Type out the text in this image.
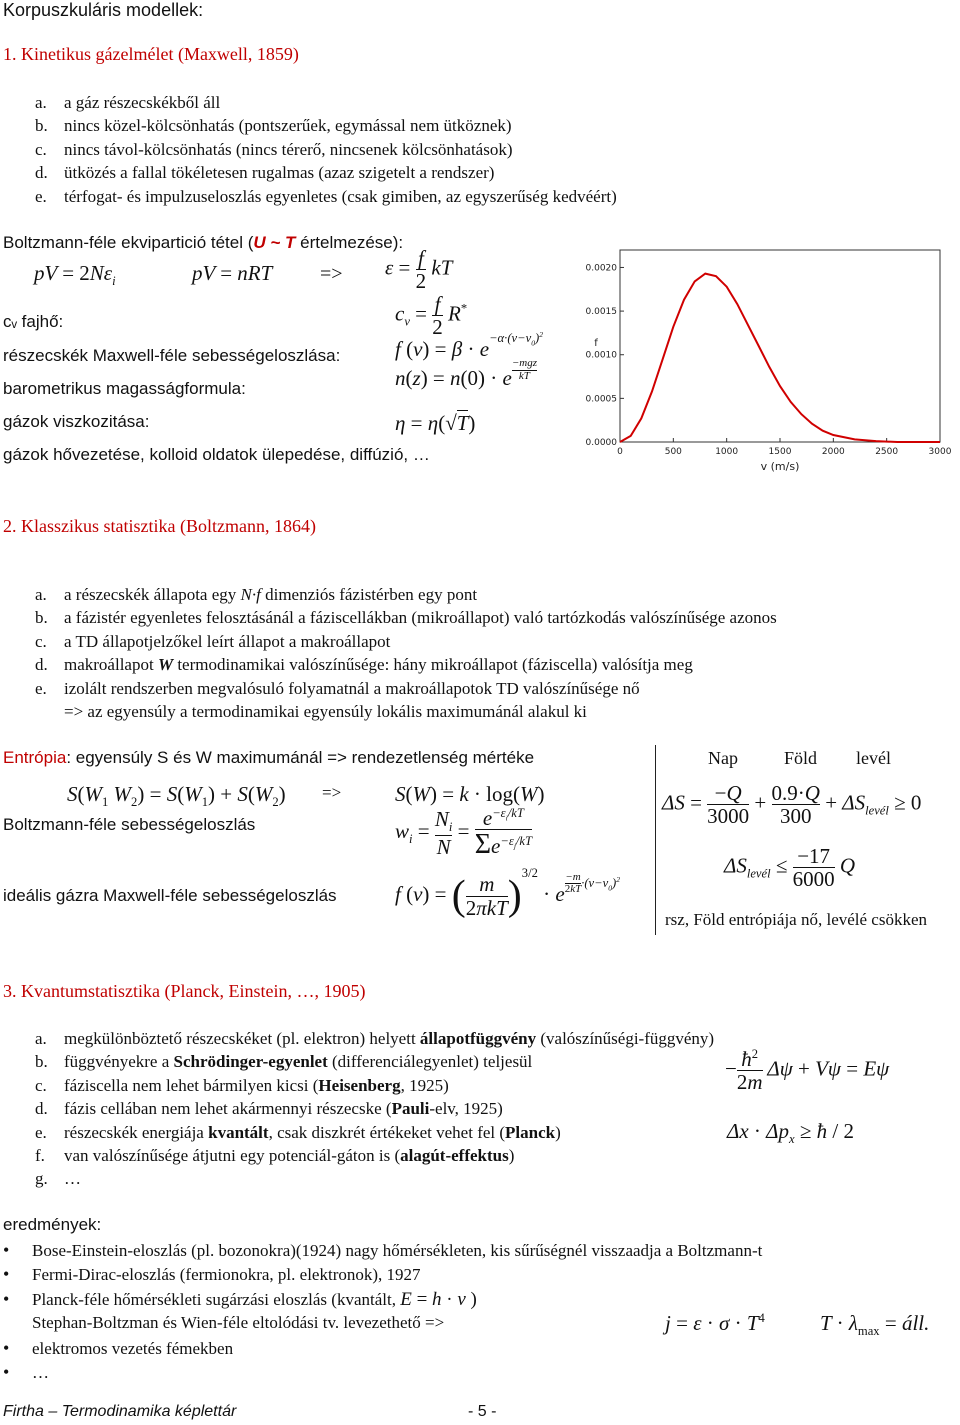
Korpuszkuláris modellek:
1. Kinetikus gázelmélet (Maxwell, 1859)
a. a gáz részecskékből áll
b. nincs közel-kölcsönhatás (pontszerűek, egymással nem ütköznek)
c. nincs távol-kölcsönhatás (nincs térerő, nincsenek kölcsönhatások)
d. ütközés a fallal tökéletesen rugalmas (azaz szigetelt a rendszer)
e. térfogat- és impulzuseloszlás egyenletes (csak gimiben, az egyszerűség kedvéért)
Boltzmann-féle ekvipartició tétel (U ~ T értelmezése):
pV = $2N\varepsilon_i$	pV = nRT => $\varepsilon = \frac{f}{2}$ kT
cᵥ fajhő:	$c_v = \frac{f}{2} R^*$
részecskék Maxwell-féle sebességeloszlása:	f $(v) = \beta \cdot e^{-\alpha\cdot(v-v_0)^2}$
barometrikus magasságformula:	n(z) = n(0) · e $\frac{\text{−mgz}}{kT}$
gázok viszkozitása:	η = η(√T)
gázok hővezetése, kolloid oldatok ülepedése, diffúzió, …
0.0000
0.0005
0.0010
0.0015
0.0020
0	500	1000	1500	2000	2500	3000
v (m/s)
f
2. Klasszikus statisztika (Boltzmann, 1864)
a. a részecskék állapota egy N·f dimenziós fázistérben egy pont
b. a fázistér egyenletes felosztásánál a fáziscellákban (mikroállapot) való tartózkodás valószínűsége azonos
c. a TD állapotjelzőkel leírt állapot a makroállapot
d. makroállapot W termodinamikai valószínűsége: hány mikroállapot (fáziscella) valósítja meg
e. izolált rendszerben megvalósuló folyamatnál a makroállapotok TD valószínűsége nő
=> az egyensúly a termodinamikai egyensúly lokális maximumánál alakul ki
Entrópia: egyensúly S és W maximumánál => rendezetlenség mértéke
$S(W_1$ $W_2) = S(W_1) + S(W_2)$ =>	S(W) = k · log(W)
Boltzmann-féle sebességeloszlás	$w_i = \frac{N_i}{N} = \frac{e^{-\varepsilon_i/kT}}{\Sigma e^{-\varepsilon_j/kT}}$
ideális gázra Maxwell-féle sebességeloszlás	f (v) = ( $\frac{m}{\text{2πkT}} )^{3/2} \cdot e$ $^{\frac{-m}{2kT} \cdot(v-v_0)^2}$
Nap	Föld levél
$\Delta S = \frac{-Q}{3000} + \frac{0.9\cdot Q}{300} + \Delta S_{levél} \ge 0$
$\Delta S_{levél} \le \frac{-17}{6000}$ Q
rsz, Föld entrópiája nő, levélé csökken
3. Kvantumstatisztika (Planck, Einstein, …, 1905)
a. megkülönböztető részecskéket (pl. elektron) helyett állapotfüggvény (valószínűségi-függvény)
b. függvényekre a Schrödinger-egyenlet (differenciálegyenlet) teljesül
c. fáziscella nem lehet bármilyen kicsi (Heisenberg, 1925)
d. fázis cellában nem lehet akármennyi részecske (Pauli-elv, 1925)
e. részecskék energiája kvantált, csak diszkrét értékeket vehet fel (Planck)
f. van valószínűsége átjutni egy potenciál-gáton is (alagút-effektus)
g. …
− $\frac{ħ^2}{2m}$ Δψ + Vψ = Eψ
$\Delta x \cdot \Delta p_x$ ≥ ħ / 2
eredmények:
• Bose-Einstein-eloszlás (pl. bozonokra)(1924) nagy hőmérsékleten, kis sűrűségnél visszaadja a Boltzmann-t
• Fermi-Dirac-eloszlás (fermionokra, pl. elektronok), 1927
• Planck-féle hőmérsékleti sugárzási eloszlás (kvantált, E = h · ν )
Stephan-Boltzman és Wien-féle eltolódási tv. levezethető =>
• elektromos vezetés fémekben
• …
$j = \varepsilon \cdot \sigma \cdot T^4$	$T \cdot \lambda_{max}$ = áll.
Firtha – Termodinamika képlettár	- 5 -
